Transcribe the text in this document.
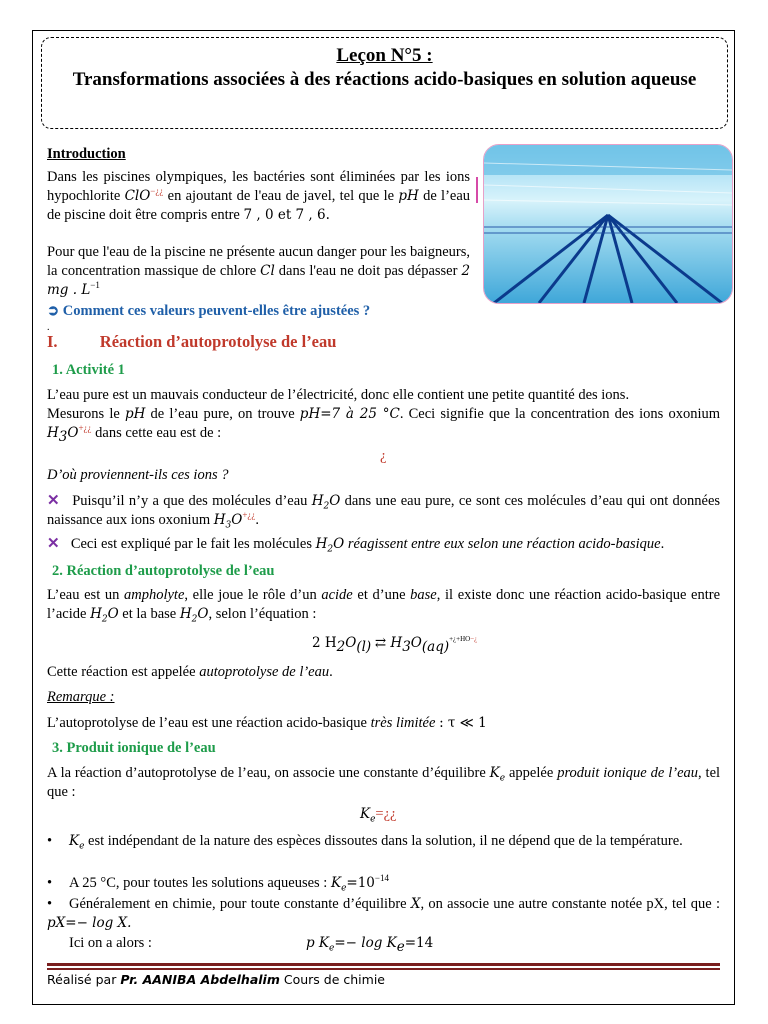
Leçon N°5 :
Transformations associées à des réactions acido-basiques en solution aqueuse
Introduction
Dans les piscines olympiques, les bactéries sont éliminées par les ions hypochlorite ClO−¿¿ en ajoutant de l'eau de javel, tel que le pH de l’eau de piscine doit être compris entre 7 , 0 et 7 , 6.
Pour que l'eau de la piscine ne présente aucun danger pour les baigneurs, la concentration massique de chlore Cl dans l'eau ne doit pas dépasser 2 mg . $L^{-1}$
➲ Comment ces valeurs peuvent-elles être ajustées ?
.
I.	Réaction d’autoprotolyse de l’eau
1. Activité 1
L’eau pure est un mauvais conducteur de l’électricité, donc elle contient une petite quantité des ions.
Mesurons le pH de l’eau pure, on trouve pH=7 à 25 °C. Ceci signifie que la concentration des ions oxonium $H_3O^{+¿¿}$ dans cette eau est de :
¿
D’où proviennent-ils ces ions ?
✕ Puisqu’il n’y a que des molécules d’eau $H_2O$ dans une eau pure, ce sont ces molécules d’eau qui ont données naissance aux ions oxonium $H_3O^{+¿¿}$.
✕ Ceci est expliqué par le fait les molécules $H_2O$ réagissent entre eux selon une réaction acido-basique.
2. Réaction d’autoprotolyse de l’eau
L’eau est un ampholyte, elle joue le rôle d’un acide et d’une base, il existe donc une réaction acido-basique entre l’acide $H_2O$ et la base $H_2O$, selon l’équation :
2 $H_2O_{(l)}$ ⇄ $H_3O_{(aq)}^{+¿+HO-¿}$
Cette réaction est appelée autoprotolyse de l’eau.
Remarque :
L’autoprotolyse de l’eau est une réaction acido-basique très limitée : τ ≪ 1
3. Produit ionique de l’eau
A la réaction d’autoprotolyse de l’eau, on associe une constante d’équilibre $K_e$ appelée produit ionique de l’eau, tel que :
$K_e=¿¿$
• $K_e$ est indépendant de la nature des espèces dissoutes dans la solution, il ne dépend que de la température.
• A 25 °C, pour toutes les solutions aqueuses : $K_e=10^{-14}$
• Généralement en chimie, pour toute constante d’équilibre X, on associe une autre constante notée pX, tel que : pX=− log X.
Ici on a alors :	p $K_e=- \log K_e=14$
Réalisé par Pr. AANIBA Abdelhalim Cours de chimie
